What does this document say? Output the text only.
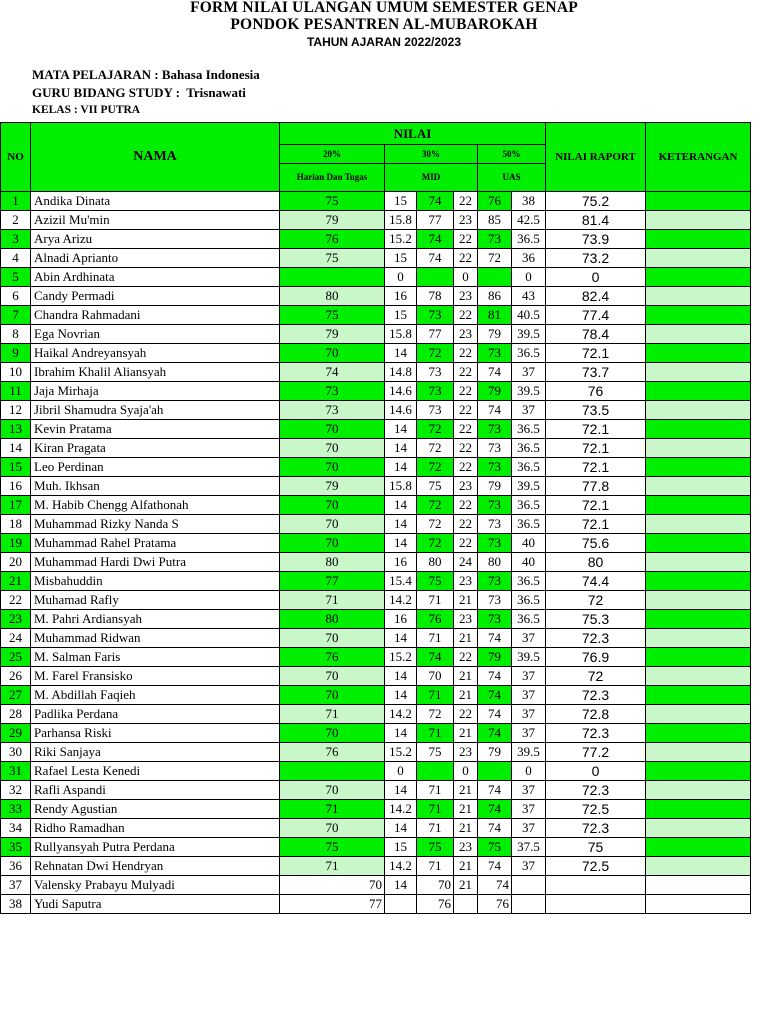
FORM NILAI ULANGAN UMUM SEMESTER GENAP
PONDOK PESANTREN AL-MUBAROKAH
TAHUN AJARAN 2022/2023
MATA PELAJARAN : Bahasa Indonesia
GURU BIDANG STUDY :  Trisnawati
KELAS : VII PUTRA
NO	NAMA	NILAI						NILAI RAPORT	KETERANGAN
		20%	30%			50%			
		Harian Dan Tugas	MID			UAS			
1	Andika Dinata	75	15	74	22	76	38	75.2	
2	Azizil Mu'min	79	15.8	77	23	85	42.5	81.4	
3	Arya Arizu	76	15.2	74	22	73	36.5	73.9	
4	Alnadi Aprianto	75	15	74	22	72	36	73.2	
5	Abin Ardhinata		0		0		0	0	
6	Candy Permadi	80	16	78	23	86	43	82.4	
7	Chandra Rahmadani	75	15	73	22	81	40.5	77.4	
8	Ega Novrian	79	15.8	77	23	79	39.5	78.4	
9	Haikal Andreyansyah	70	14	72	22	73	36.5	72.1	
10	Ibrahim Khalil Aliansyah	74	14.8	73	22	74	37	73.7	
11	Jaja Mirhaja	73	14.6	73	22	79	39.5	76	
12	Jibril Shamudra Syaja'ah	73	14.6	73	22	74	37	73.5	
13	Kevin Pratama	70	14	72	22	73	36.5	72.1	
14	Kiran Pragata	70	14	72	22	73	36.5	72.1	
15	Leo Perdinan	70	14	72	22	73	36.5	72.1	
16	Muh. Ikhsan	79	15.8	75	23	79	39.5	77.8	
17	M. Habib Chengg Alfathonah	70	14	72	22	73	36.5	72.1	
18	Muhammad Rizky Nanda S	70	14	72	22	73	36.5	72.1	
19	Muhammad Rahel Pratama	70	14	72	22	73	40	75.6	
20	Muhammad Hardi Dwi Putra	80	16	80	24	80	40	80	
21	Misbahuddin	77	15.4	75	23	73	36.5	74.4	
22	Muhamad Rafly	71	14.2	71	21	73	36.5	72	
23	M. Pahri Ardiansyah	80	16	76	23	73	36.5	75.3	
24	Muhammad Ridwan	70	14	71	21	74	37	72.3	
25	M. Salman Faris	76	15.2	74	22	79	39.5	76.9	
26	M. Farel Fransisko	70	14	70	21	74	37	72	
27	M. Abdillah Faqieh	70	14	71	21	74	37	72.3	
28	Padlika Perdana	71	14.2	72	22	74	37	72.8	
29	Parhansa Riski	70	14	71	21	74	37	72.3	
30	Riki Sanjaya	76	15.2	75	23	79	39.5	77.2	
31	Rafael Lesta Kenedi		0		0		0	0	
32	Rafli Aspandi	70	14	71	21	74	37	72.3	
33	Rendy Agustian	71	14.2	71	21	74	37	72.5	
34	Ridho Ramadhan	70	14	71	21	74	37	72.3	
35	Rullyansyah Putra Perdana	75	15	75	23	75	37.5	75	
36	Rehnatan Dwi Hendryan	71	14.2	71	21	74	37	72.5	
37	Valensky Prabayu Mulyadi	70	14	70	21	74			
38	Yudi Saputra	77		76		76			
